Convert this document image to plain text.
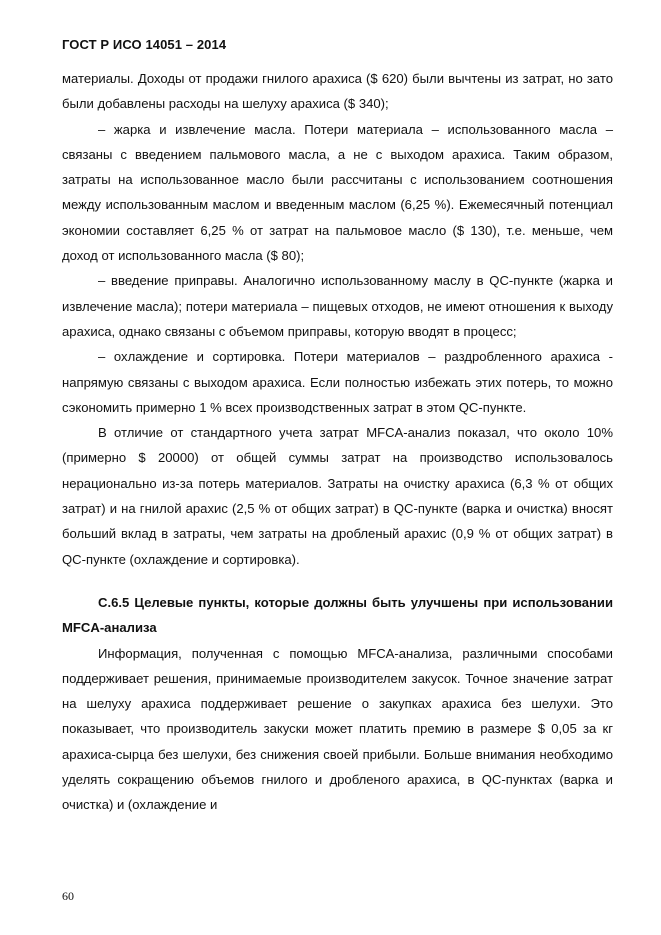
ГОСТ Р ИСО 14051 – 2014

материалы. Доходы от продажи гнилого арахиса ($ 620) были вычтены из затрат, но зато были добавлены расходы на шелуху арахиса ($ 340);

– жарка и извлечение масла. Потери материала – использованного масла – связаны с введением пальмового масла, а не с выходом арахиса. Таким образом, затраты на использованное масло были рассчитаны с использованием соотношения между использованным маслом и введенным маслом (6,25 %). Ежемесячный потенциал экономии составляет 6,25 % от затрат на пальмовое масло ($ 130), т.е. меньше, чем доход от использованного масла ($ 80);

– введение приправы. Аналогично использованному маслу в QC-пункте (жарка и извлечение масла); потери материала – пищевых отходов, не имеют отношения к выходу арахиса, однако связаны с объемом приправы, которую вводят в процесс;

– охлаждение и сортировка. Потери материалов – раздробленного арахиса - напрямую связаны с выходом арахиса. Если полностью избежать этих потерь, то можно сэкономить примерно 1 % всех производственных затрат в этом QC-пункте.

В отличие от стандартного учета затрат MFCA-анализ показал, что около 10% (примерно $ 20000) от общей суммы затрат на производство использовалось нерационально из-за потерь материалов. Затраты на очистку арахиса (6,3 % от общих затрат) и на гнилой арахис (2,5 % от общих затрат) в QC-пункте (варка и очистка) вносят больший вклад в затраты, чем затраты на дробленый арахис (0,9 % от общих затрат) в QC-пункте (охлаждение и сортировка).

С.6.5 Целевые пункты, которые должны быть улучшены при использовании MFCA-анализа

Информация, полученная с помощью MFCA-анализа, различными способами поддерживает решения, принимаемые производителем закусок. Точное значение затрат на шелуху арахиса поддерживает решение о закупках арахиса без шелухи. Это показывает, что производитель закуски может платить премию в размере $ 0,05 за кг арахиса-сырца без шелухи, без снижения своей прибыли. Больше внимания необходимо уделять сокращению объемов гнилого и дробленого арахиса, в QC-пунктах (варка и очистка) и (охлаждение и

60
